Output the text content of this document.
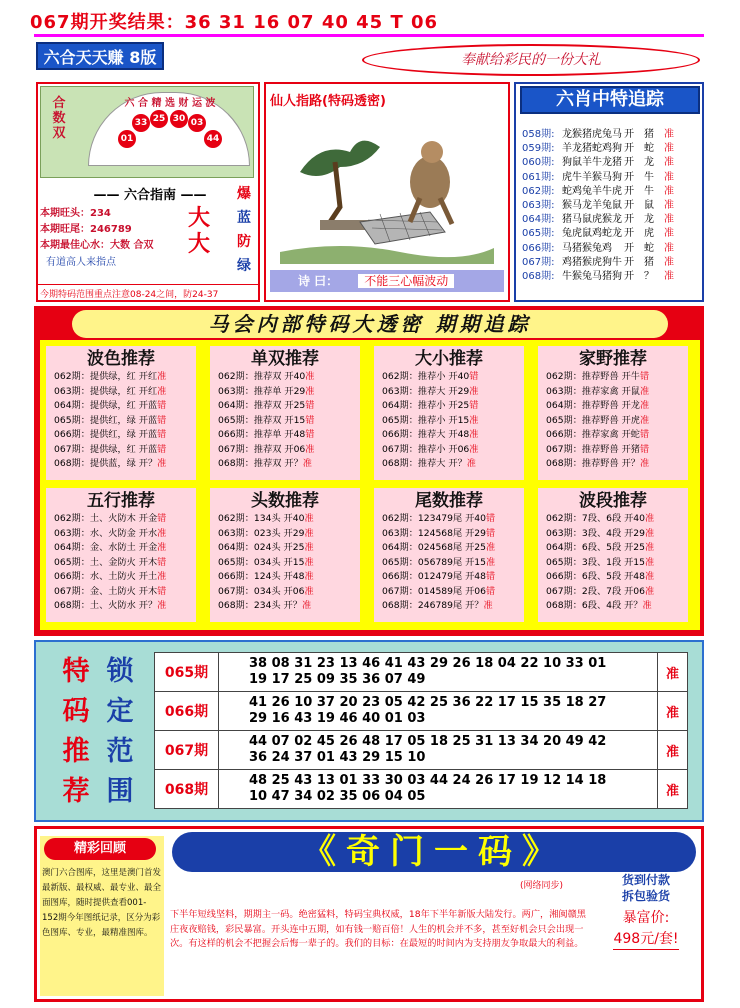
067期开奖结果：36 31 16 07 40 45 T 06
六合天天赚 8版	奉献给彩民的一份大礼
六 合 精 选 财 运 波
合数双	01
33 25 30 03
44
—— 六合指南 ——
本期旺头：234
本期旺尾：246789
本期最佳心水：大数 合双
有道高人来指点
大大
爆
蓝
防
绿
今期特码范围重点注意08-24之间，防24-37
仙人指路(特码透密)
诗 曰： 不能三心幅波动
六肖中特追踪
058期: 龙猴猪虎兔马 开	猪	准
059期: 羊龙猪蛇鸡狗 开	蛇	准
060期: 狗鼠羊牛龙猪 开	龙	准
061期: 虎牛羊猴马狗 开	牛	准
062期: 蛇鸡兔羊牛虎 开	牛	准
063期: 猴马龙羊兔鼠 开	鼠	准
064期: 猪马鼠虎猴龙 开	龙	准
065期: 兔虎鼠鸡蛇龙 开	虎	准
066期: 马猪猴兔鸡	开	蛇	准
067期: 鸡猪猴虎狗牛 开	猪	准
068期: 牛猴兔马猪狗 开	？	准
马会内部特码大透密 期期追踪
波色推荐
062期：提供绿，红 开红准
063期：提供绿，红 开红准
064期：提供绿，红 开蓝错
065期：提供红，绿 开蓝错
066期：提供红，绿 开蓝错
067期：提供绿，红 开蓝错
068期：提供蓝，绿 开？准
单双推荐
062期：推荐双 开40准
063期：推荐单 开29准
064期：推荐双 开25错
065期：推荐双 开15错
066期：推荐单 开48错
067期：推荐双 开06准
068期：推荐双 开？准
大小推荐
062期：推荐小 开40错
063期：推荐大 开29准
064期：推荐小 开25错
065期：推荐小 开15准
066期：推荐大 开48准
067期：推荐小 开06准
068期：推荐大 开？准
家野推荐
062期：推荐野兽 开牛错
063期：推荐家禽 开鼠准
064期：推荐野兽 开龙准
065期：推荐野兽 开虎准
066期：推荐家禽 开蛇错
067期：推荐野兽 开猪错
068期：推荐野兽 开？准
五行推荐
062期：土、火防木 开金错
063期：水、火防金 开水准
064期：金、水防土 开金准
065期：土、金防火 开木错
066期：水、土防火 开土准
067期：金、土防火 开木错
068期：土、火防水 开？准
头数推荐
062期：134头 开40准
063期：023头 开29准
064期：024头 开25准
065期：034头 开15准
066期：124头 开48准
067期：034头 开06准
068期：234头 开？准
尾数推荐
062期：123479尾 开40错
063期：124568尾 开29错
064期：024568尾 开25准
065期：056789尾 开15准
066期：012479尾 开48错
067期：014589尾 开06错
068期：246789尾 开？准
波段推荐
062期：7段、6段 开40准
063期：3段、4段 开29准
064期：6段、5段 开25准
065期：3段、1段 开15准
066期：6段、5段 开48准
067期：2段、7段 开06准
068期：6段、4段 开？准
特
码
推
荐
锁
定
范
围
065期	38 08 31 23 13 46 41 43 29 26 18 04 22 10 33 01
19 17 25 09 35 36 07 49	准
066期	41 26 10 37 20 23 05 42 25 36 22 17 15 35 18 27
29 16 43 19 46 40 01 03	准
067期	44 07 02 45 26 48 17 05 18 25 31 13 34 20 49 42
36 24 37 01 43 29 15 10	准
068期	48 25 43 13 01 33 30 03 44 24 26 17 19 12 14 18
10 47 34 02 35 06 04 05	准
精彩回顾
澳门六合图库，这里是澳门首发最新版、最权威、最专业、最全面图库，随时提供查看001-152期今年图纸记录，区分为彩色图库、专业，最精准图库。
《奇门一码》
(网络同步)
下半年短线坚料，期期主一码。绝密猛料，特码宝典权威，18年下半年新版大陆发行。两广，湘闽赣黑庄夜夜赔钱，彩民暴富。开头连中五期，如有钱一赔百倍！人生的机会并不多，甚至好机会只会出现一次。有这样的机会不把握会后悔一辈子的。我们的目标：在最短的时间内为支持朋友争取最大的利益。
货到付款
拆包验货
暴富价:
498元/套!
